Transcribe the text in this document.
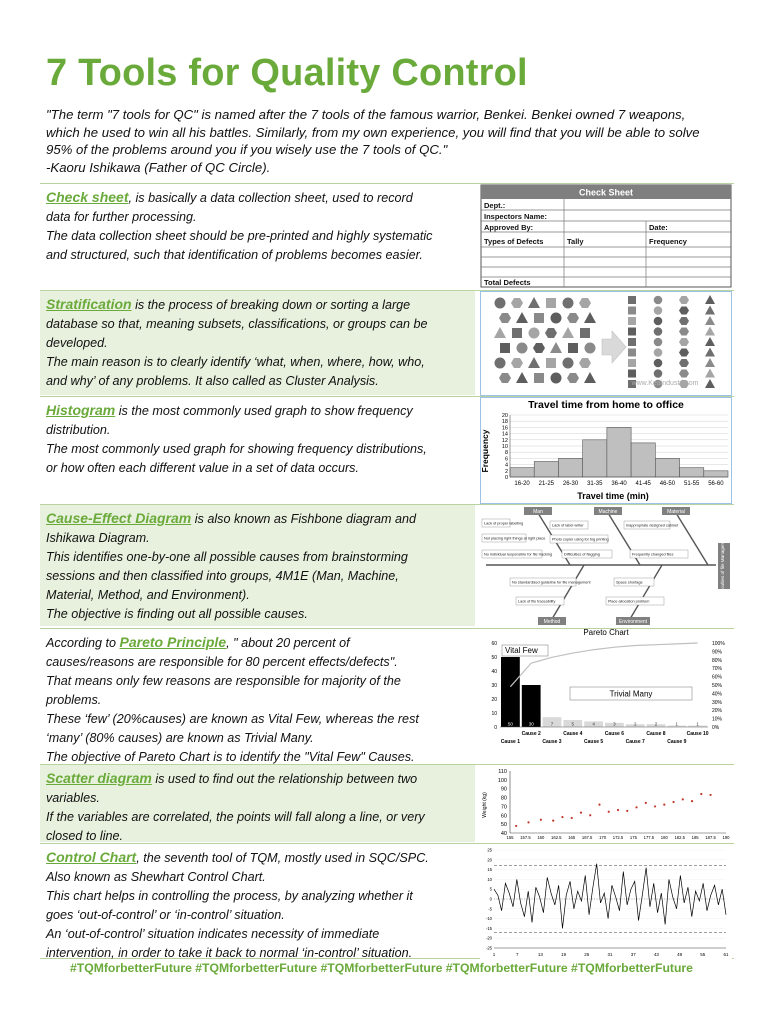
7 Tools for Quality Control
"The term "7 tools for QC" is named after the 7 tools of the famous warrior, Benkei. Benkei owned 7 weapons,
which he used to win all his battles. Similarly, from my own experience, you will find that you will be able to solve
95% of the problems around you if you wisely use the 7 tools of QC."
-Kaoru Ishikawa (Father of QC Circle).
Check sheet, is basically a data collection sheet, used to record
data for further processing.
The data collection sheet should be pre-printed and highly systematic
and structured, such that identification of problems becomes easier.
Check Sheet
Dept.:
Inspectors Name:
Approved By:	Date:
Types of Defects	Tally	Frequency
Total Defects
Stratification is the process of breaking down or sorting a large
database so that, meaning subsets, classifications, or groups can be
developed.
The main reason is to clearly identify ‘what, when, where, how, who,
and why’ of any problems. It also called as Cluster Analysis.	www.Keaindustri.com
Histogram is the most commonly used graph to show frequency
distribution.
The most commonly used graph for showing frequency distributions,
or how often each different value in a set of data occurs.
Travel time from home to office
Travel time (min)
Frequency
0
2
4
6
8
10
12
14
16
18
20
16-20 21-25 26-30 31-35 36-40 41-45 46-50 51-55 56-60
Cause-Effect Diagram is also known as Fishbone diagram and
Ishikawa Diagram.
This identifies one-by-one all possible causes from brainstorming
sessions and then classified into groups, 4M1E (Man, Machine,
Material, Method, and Environment).
The objective is finding out all possible causes.
Man	Machine	Material
Method	Environment
Difficulties of file Management
Lack of proper labelling
Not placing right things at right place
No individual responsible for file tracking
Lack of label writer
Photo copier using for big printing
Difficulties of flagging
Inappropriate designed cabinet
Frequently changed files
No standardized guideline for file management
Lack of file traceability
Space shortage
Place allocation problem
According to Pareto Principle, " about 20 percent of
causes/reasons are responsible for 80 percent effects/defects".
That means only few reasons are responsible for majority of the
problems.
These ‘few’ (20%causes) are known as Vital Few, whereas the rest
‘many’ (80% causes) are known as Trivial Many.
The objective of Pareto Chart is to identify the "Vital Few" Causes.
Pareto Chart
0
10
20
30
40
50
60
0%
10%
20%
30%
40%
50%
60%
70%
80%
90%
100%
50	30	7	5	4	3	2	2	1	1
Cause 2	Cause 4	Cause 6	Cause 8	Cause 10
Cause 1	Cause 3	Cause 5	Cause 7	Cause 9
Vital Few
Trivial Many
Scatter diagram is used to find out the relationship between two
variables.
If the variables are correlated, the points will fall along a line, or very
closed to line.
Weight (kg)
40
50
60
70
80
90
100
110
155 157.5 160 162.5 165 167.5 170 172.5 175 177.5 180 182.5 185 187.5 190
Control Chart, the seventh tool of TQM, mostly used in SQC/SPC.
Also known as Shewhart Control Chart.
This chart helps in controlling the process, by analyzing whether it
goes ‘out-of-control’ or ‘in-control’ situation.
An ‘out-of-control’ situation indicates necessity of immediate
intervention, in order to take it back to normal ‘in-control’ situation.
25
20
15
10
5
0
-5
-10
-15
-20
-25
1	7	13	19	25	31	37	43	49	55	61
#TQMforbetterFuture #TQMforbetterFuture #TQMforbetterFuture #TQMforbetterFuture #TQMforbetterFuture
